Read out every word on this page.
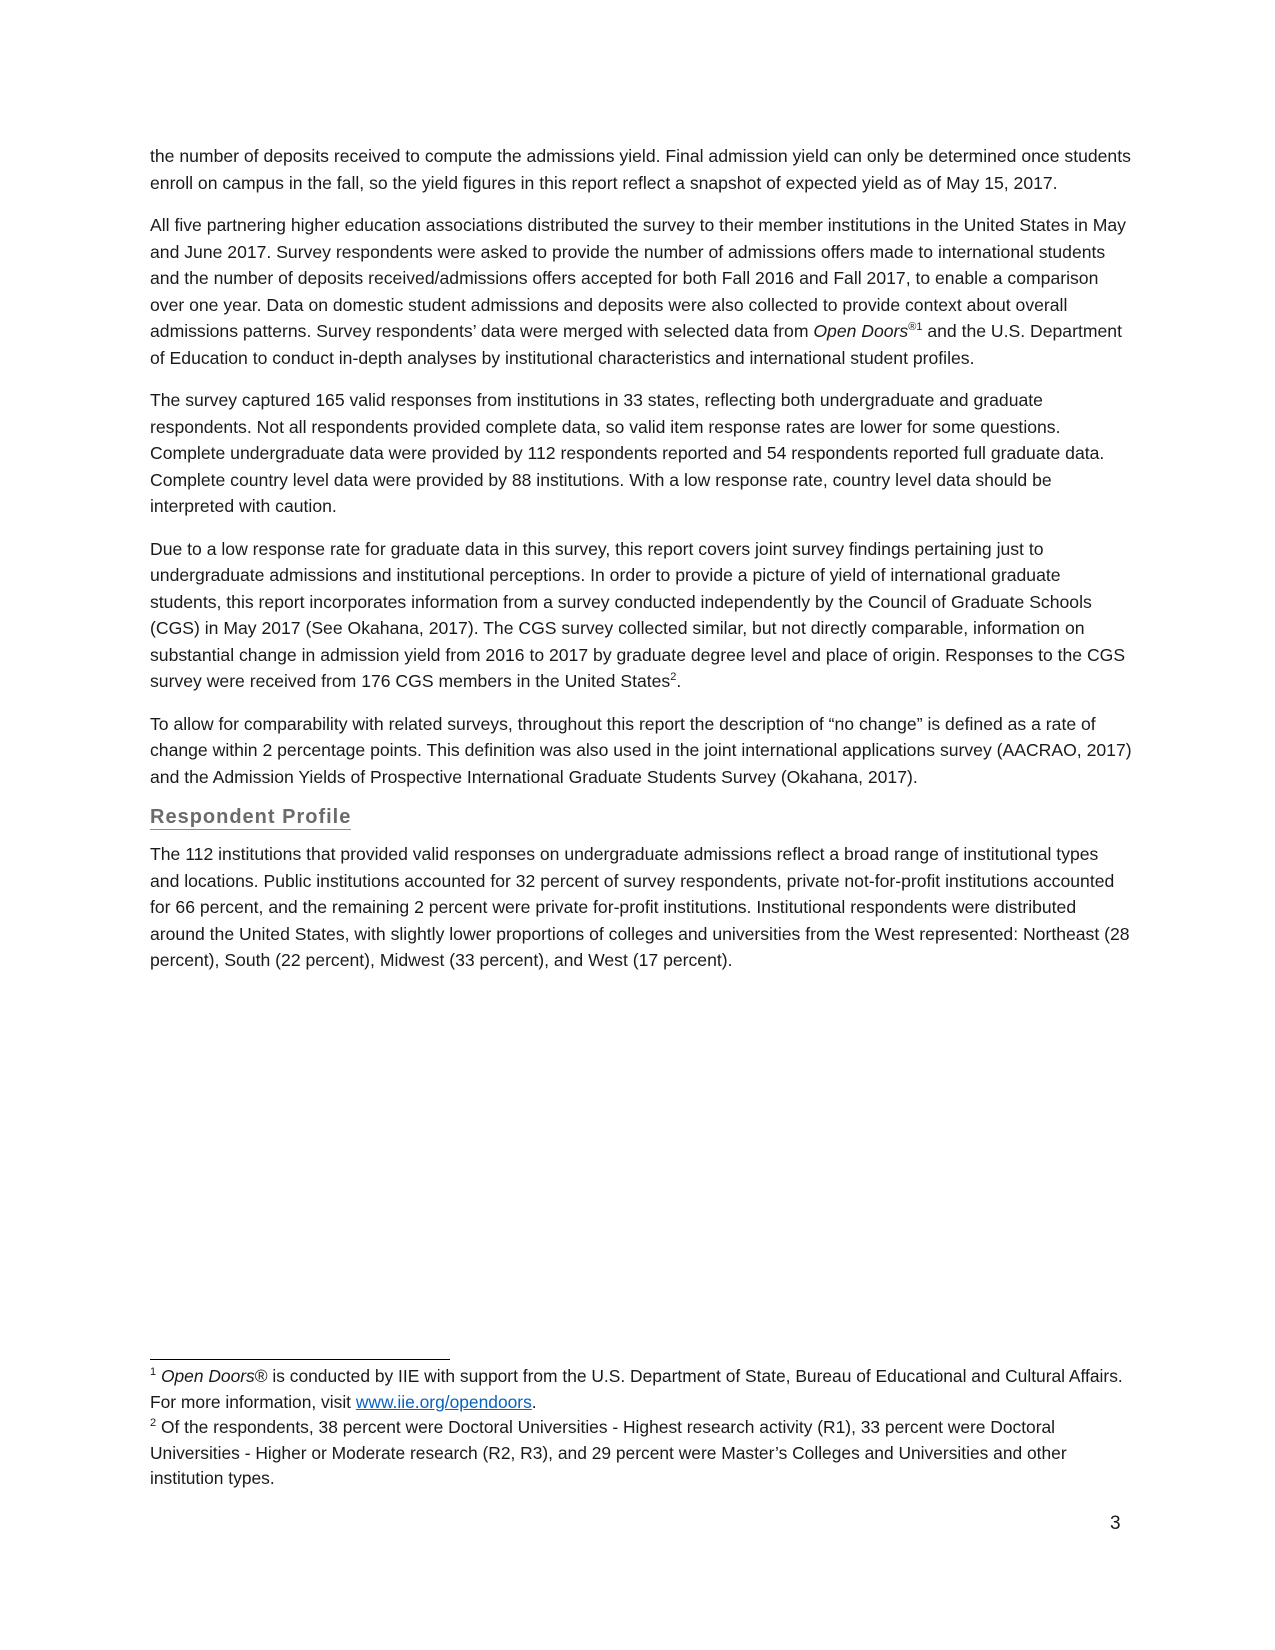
the number of deposits received to compute the admissions yield. Final admission yield can only be determined once students enroll on campus in the fall, so the yield figures in this report reflect a snapshot of expected yield as of May 15, 2017.

All five partnering higher education associations distributed the survey to their member institutions in the United States in May and June 2017. Survey respondents were asked to provide the number of admissions offers made to international students and the number of deposits received/admissions offers accepted for both Fall 2016 and Fall 2017, to enable a comparison over one year. Data on domestic student admissions and deposits were also collected to provide context about overall admissions patterns. Survey respondents’ data were merged with selected data from Open Doors$^{®1}$ and the U.S. Department of Education to conduct in-depth analyses by institutional characteristics and international student profiles.

The survey captured 165 valid responses from institutions in 33 states, reflecting both undergraduate and graduate respondents. Not all respondents provided complete data, so valid item response rates are lower for some questions. Complete undergraduate data were provided by 112 respondents reported and 54 respondents reported full graduate data. Complete country level data were provided by 88 institutions. With a low response rate, country level data should be interpreted with caution.

Due to a low response rate for graduate data in this survey, this report covers joint survey findings pertaining just to undergraduate admissions and institutional perceptions. In order to provide a picture of yield of international graduate students, this report incorporates information from a survey conducted independently by the Council of Graduate Schools (CGS) in May 2017 (See Okahana, 2017). The CGS survey collected similar, but not directly comparable, information on substantial change in admission yield from 2016 to 2017 by graduate degree level and place of origin. Responses to the CGS survey were received from 176 CGS members in the United States$^2$.

To allow for comparability with related surveys, throughout this report the description of “no change” is defined as a rate of change within 2 percentage points. This definition was also used in the joint international applications survey (AACRAO, 2017) and the Admission Yields of Prospective International Graduate Students Survey (Okahana, 2017).

Respondent Profile

The 112 institutions that provided valid responses on undergraduate admissions reflect a broad range of institutional types and locations. Public institutions accounted for 32 percent of survey respondents, private not-for-profit institutions accounted for 66 percent, and the remaining 2 percent were private for-profit institutions. Institutional respondents were distributed around the United States, with slightly lower proportions of colleges and universities from the West represented: Northeast (28 percent), South (22 percent), Midwest (33 percent), and West (17 percent).

$^1$ Open Doors® is conducted by IIE with support from the U.S. Department of State, Bureau of Educational and Cultural Affairs. For more information, visit www.iie.org/opendoors.

$^2$ Of the respondents, 38 percent were Doctoral Universities - Highest research activity (R1), 33 percent were Doctoral Universities - Higher or Moderate research (R2, R3), and 29 percent were Master’s Colleges and Universities and other institution types.

3
